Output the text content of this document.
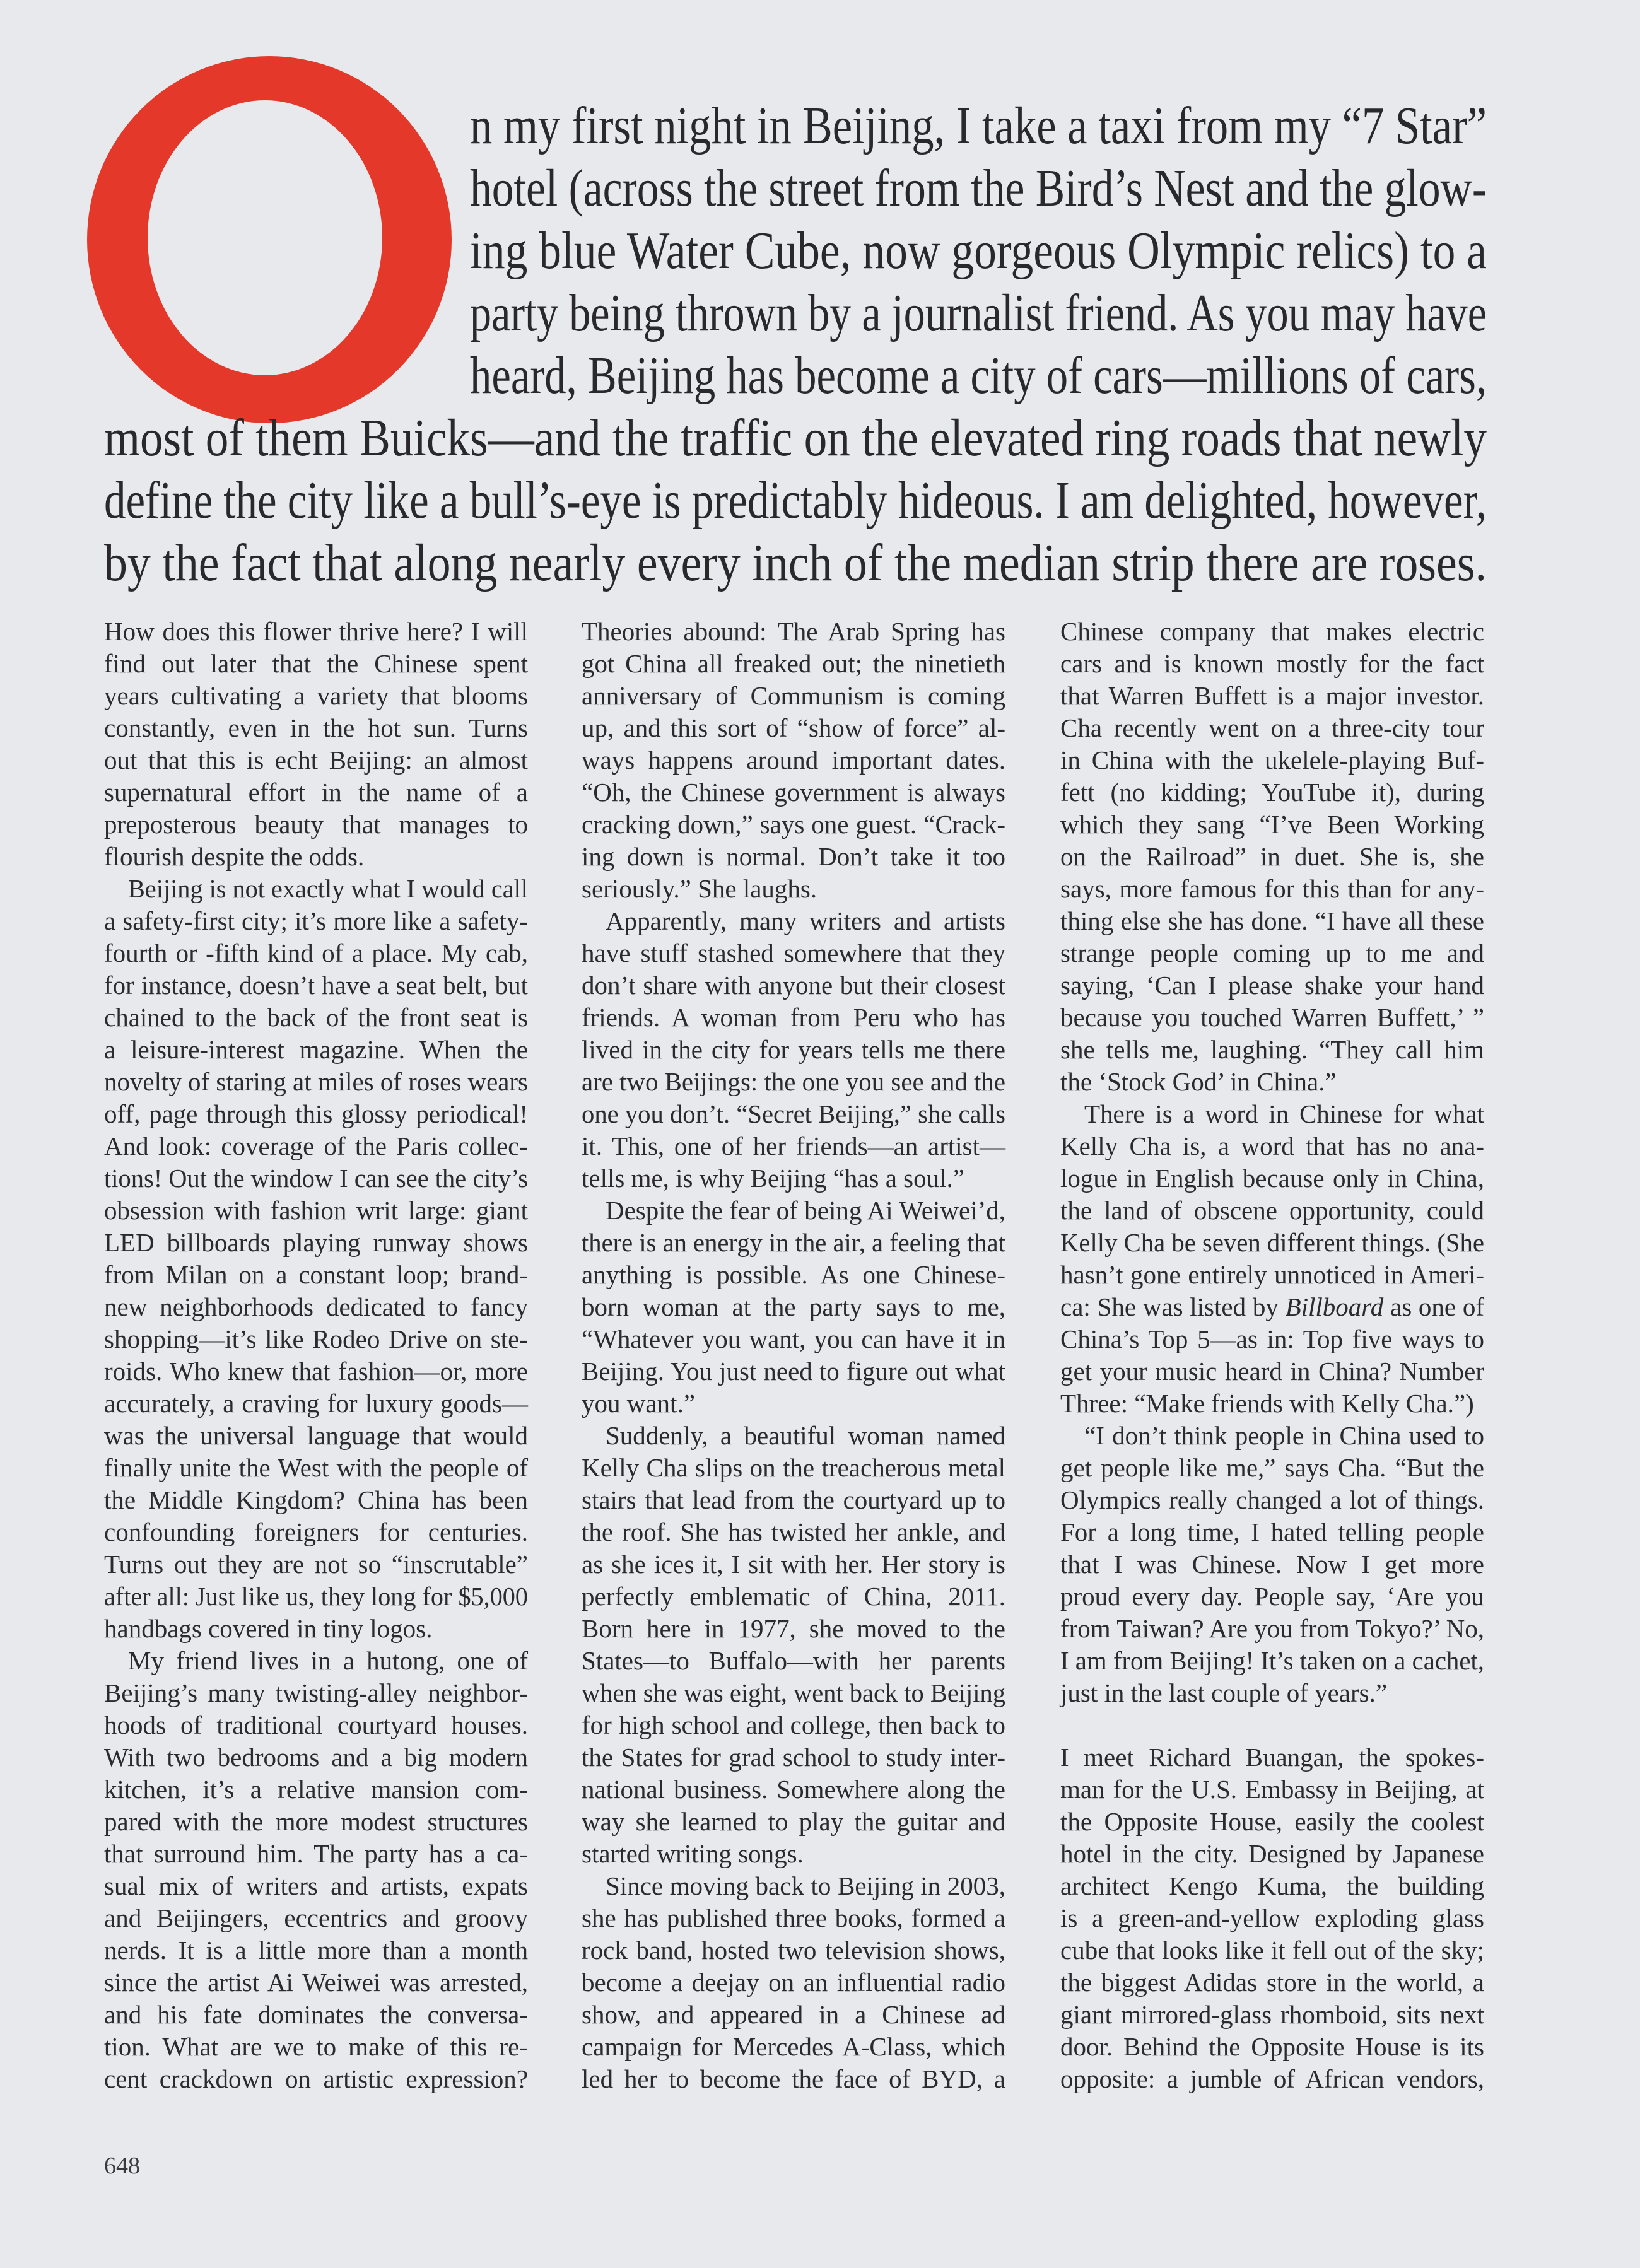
n my first night in Beijing, I take a taxi from my “7 Star”
hotel (across the street from the Bird’s Nest and the glow-
ing blue Water Cube, now gorgeous Olympic relics) to a
party being thrown by a journalist friend. As you may have
heard, Beijing has become a city of cars—millions of cars,
most of them Buicks—and the traffic on the elevated ring roads that newly
define the city like a bull’s-eye is predictably hideous. I am delighted, however,
by the fact that along nearly every inch of the median strip there are roses.
How does this flower thrive here? I will
find out later that the Chinese spent
years cultivating a variety that blooms
constantly, even in the hot sun. Turns
out that this is echt Beijing: an almost
supernatural effort in the name of a
preposterous beauty that manages to
flourish despite the odds.
Beijing is not exactly what I would call
a safety-first city; it’s more like a safety-
fourth or -fifth kind of a place. My cab,
for instance, doesn’t have a seat belt, but
chained to the back of the front seat is
a leisure-interest magazine. When the
novelty of staring at miles of roses wears
off, page through this glossy periodical!
And look: coverage of the Paris collec-
tions! Out the window I can see the city’s
obsession with fashion writ large: giant
LED billboards playing runway shows
from Milan on a constant loop; brand-
new neighborhoods dedicated to fancy
shopping—it’s like Rodeo Drive on ste-
roids. Who knew that fashion—or, more
accurately, a craving for luxury goods—
was the universal language that would
finally unite the West with the people of
the Middle Kingdom? China has been
confounding foreigners for centuries.
Turns out they are not so “inscrutable”
after all: Just like us, they long for $5,000
handbags covered in tiny logos.
My friend lives in a hutong, one of
Beijing’s many twisting-alley neighbor-
hoods of traditional courtyard houses.
With two bedrooms and a big modern
kitchen, it’s a relative mansion com-
pared with the more modest structures
that surround him. The party has a ca-
sual mix of writers and artists, expats
and Beijingers, eccentrics and groovy
nerds. It is a little more than a month
since the artist Ai Weiwei was arrested,
and his fate dominates the conversa-
tion. What are we to make of this re-
cent crackdown on artistic expression?
Theories abound: The Arab Spring has
got China all freaked out; the ninetieth
anniversary of Communism is coming
up, and this sort of “show of force” al-
ways happens around important dates.
“Oh, the Chinese government is always
cracking down,” says one guest. “Crack-
ing down is normal. Don’t take it too
seriously.” She laughs.
Apparently, many writers and artists
have stuff stashed somewhere that they
don’t share with anyone but their closest
friends. A woman from Peru who has
lived in the city for years tells me there
are two Beijings: the one you see and the
one you don’t. “Secret Beijing,” she calls
it. This, one of her friends—an artist—
tells me, is why Beijing “has a soul.”
Despite the fear of being Ai Weiwei’d,
there is an energy in the air, a feeling that
anything is possible. As one Chinese-
born woman at the party says to me,
“Whatever you want, you can have it in
Beijing. You just need to figure out what
you want.”
Suddenly, a beautiful woman named
Kelly Cha slips on the treacherous metal
stairs that lead from the courtyard up to
the roof. She has twisted her ankle, and
as she ices it, I sit with her. Her story is
perfectly emblematic of China, 2011.
Born here in 1977, she moved to the
States—to Buffalo—with her parents
when she was eight, went back to Beijing
for high school and college, then back to
the States for grad school to study inter-
national business. Somewhere along the
way she learned to play the guitar and
started writing songs.
Since moving back to Beijing in 2003,
she has published three books, formed a
rock band, hosted two television shows,
become a deejay on an influential radio
show, and appeared in a Chinese ad
campaign for Mercedes A-Class, which
led her to become the face of BYD, a
Chinese company that makes electric
cars and is known mostly for the fact
that Warren Buffett is a major investor.
Cha recently went on a three-city tour
in China with the ukelele-playing Buf-
fett (no kidding; YouTube it), during
which they sang “I’ve Been Working
on the Railroad” in duet. She is, she
says, more famous for this than for any-
thing else she has done. “I have all these
strange people coming up to me and
saying, ‘Can I please shake your hand
because you touched Warren Buffett,’ ”
she tells me, laughing. “They call him
the ‘Stock God’ in China.”
There is a word in Chinese for what
Kelly Cha is, a word that has no ana-
logue in English because only in China,
the land of obscene opportunity, could
Kelly Cha be seven different things. (She
hasn’t gone entirely unnoticed in Ameri-
ca: She was listed by Billboard as one of
China’s Top 5—as in: Top five ways to
get your music heard in China? Number
Three: “Make friends with Kelly Cha.”)
“I don’t think people in China used to
get people like me,” says Cha. “But the
Olympics really changed a lot of things.
For a long time, I hated telling people
that I was Chinese. Now I get more
proud every day. People say, ‘Are you
from Taiwan? Are you from Tokyo?’ No,
I am from Beijing! It’s taken on a cachet,
just in the last couple of years.”
I meet Richard Buangan, the spokes-
man for the U.S. Embassy in Beijing, at
the Opposite House, easily the coolest
hotel in the city. Designed by Japanese
architect Kengo Kuma, the building
is a green-and-yellow exploding glass
cube that looks like it fell out of the sky;
the biggest Adidas store in the world, a
giant mirrored-glass rhomboid, sits next
door. Behind the Opposite House is its
opposite: a jumble of African vendors,
648
